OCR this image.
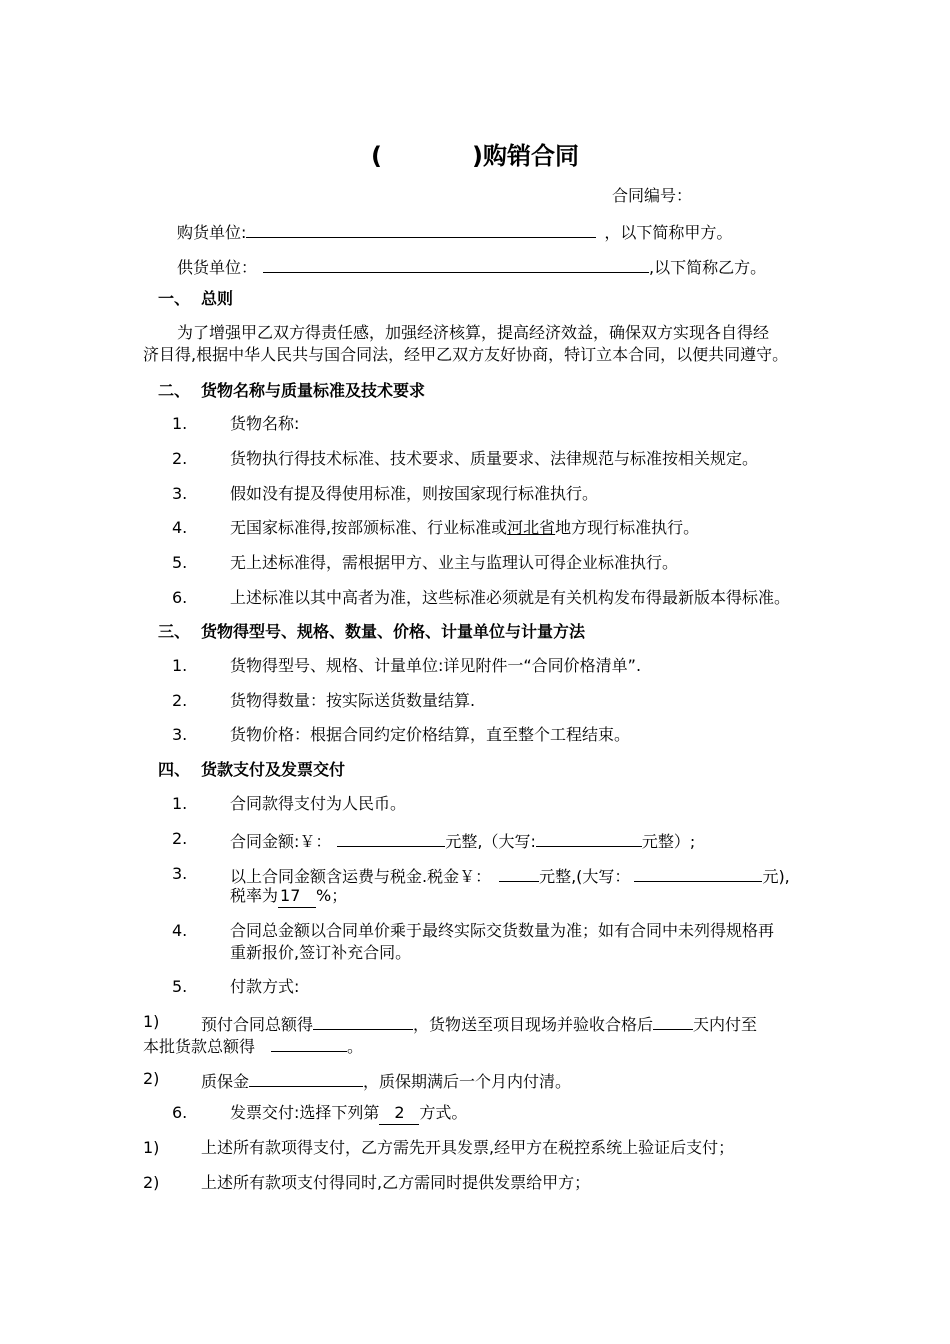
(	)购销合同
合同编号：
购货单位:	，以下简称甲方。
供货单位：	,以下简称乙方。
一、 总则
为了增强甲乙双方得责任感，加强经济核算，提高经济效益，确保双方实现各自得经
济目得,根据中华人民共与国合同法，经甲乙双方友好协商，特订立本合同，以便共同遵守。
二、 货物名称与质量标准及技术要求
1.	货物名称:
2.	货物执行得技术标准、技术要求、质量要求、法律规范与标准按相关规定。
3.	假如没有提及得使用标准，则按国家现行标准执行。
4.	无国家标准得,按部颁标准、行业标准或河北省地方现行标准执行。
5.	无上述标准得，需根据甲方、业主与监理认可得企业标准执行。
6.	上述标准以其中高者为准，这些标准必须就是有关机构发布得最新版本得标准。
三、 货物得型号、规格、数量、价格、计量单位与计量方法
1.	货物得型号、规格、计量单位:详见附件一“合同价格清单”.
2.	货物得数量：按实际送货数量结算.
3.	货物价格：根据合同约定价格结算，直至整个工程结束。
四、 货款支付及发票交付
1.	合同款得支付为人民币。
2.	合同金额:￥：	元整,（大写:	元整）;
3.	以上合同金额含运费与税金.税金￥：	元整,(大写：	元),
税率为 17 %；
4.	合同总金额以合同单价乘于最终实际交货数量为准；如有合同中未列得规格再
重新报价,签订补充合同。
5.	付款方式:
1)	预付合同总额得	，货物送至项目现场并验收合格后	天内付至
本批货款总额得	。
2)	质保金	，质保期满后一个月内付清。
6.	发票交付:选择下列第 2 方式。
1)	上述所有款项得支付，乙方需先开具发票,经甲方在税控系统上验证后支付；
2)	上述所有款项支付得同时,乙方需同时提供发票给甲方；
